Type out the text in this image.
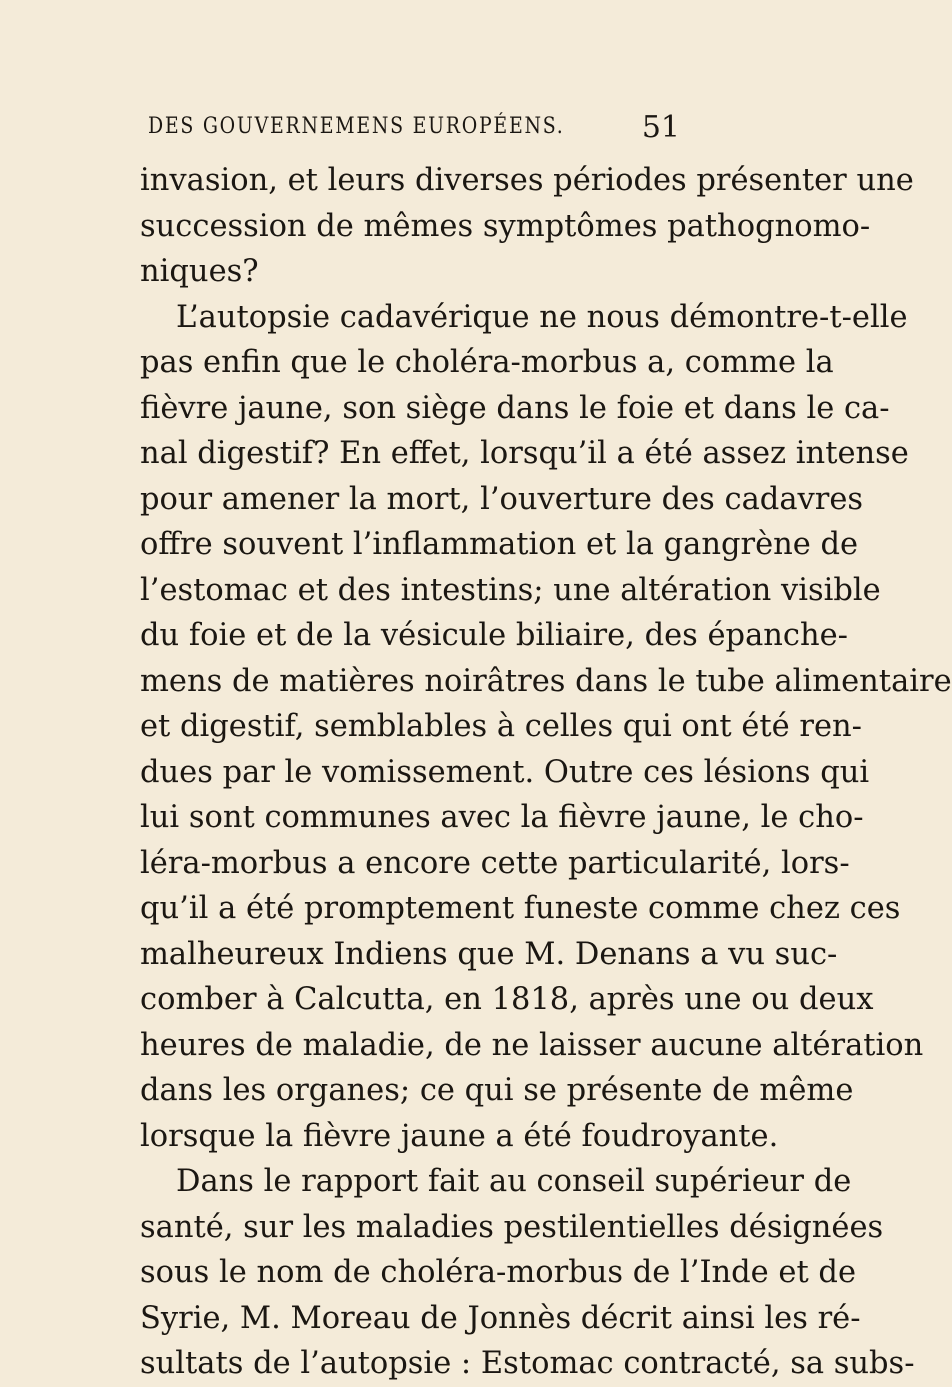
DES GOUVERNEMENS EUROPÉENS.	51
invasion, et leurs diverses périodes présenter une
succession de mêmes symptômes pathognomo-
niques?
L’autopsie cadavérique ne nous démontre-t-elle
pas enfin que le choléra-morbus a, comme la
fièvre jaune, son siège dans le foie et dans le ca-
nal digestif? En effet, lorsqu’il a été assez intense
pour amener la mort, l’ouverture des cadavres
offre souvent l’inflammation et la gangrène de
l’estomac et des intestins; une altération visible
du foie et de la vésicule biliaire, des épanche-
mens de matières noirâtres dans le tube alimentaire
et digestif, semblables à celles qui ont été ren-
dues par le vomissement. Outre ces lésions qui
lui sont communes avec la fièvre jaune, le cho-
léra-morbus a encore cette particularité, lors-
qu’il a été promptement funeste comme chez ces
malheureux Indiens que M. Denans a vu suc-
comber à Calcutta, en 1818, après une ou deux
heures de maladie, de ne laisser aucune altération
dans les organes; ce qui se présente de même
lorsque la fièvre jaune a été foudroyante.
Dans le rapport fait au conseil supérieur de
santé, sur les maladies pestilentielles désignées
sous le nom de choléra-morbus de l’Inde et de
Syrie, M. Moreau de Jonnès décrit ainsi les ré-
sultats de l’autopsie : Estomac contracté, sa subs-
